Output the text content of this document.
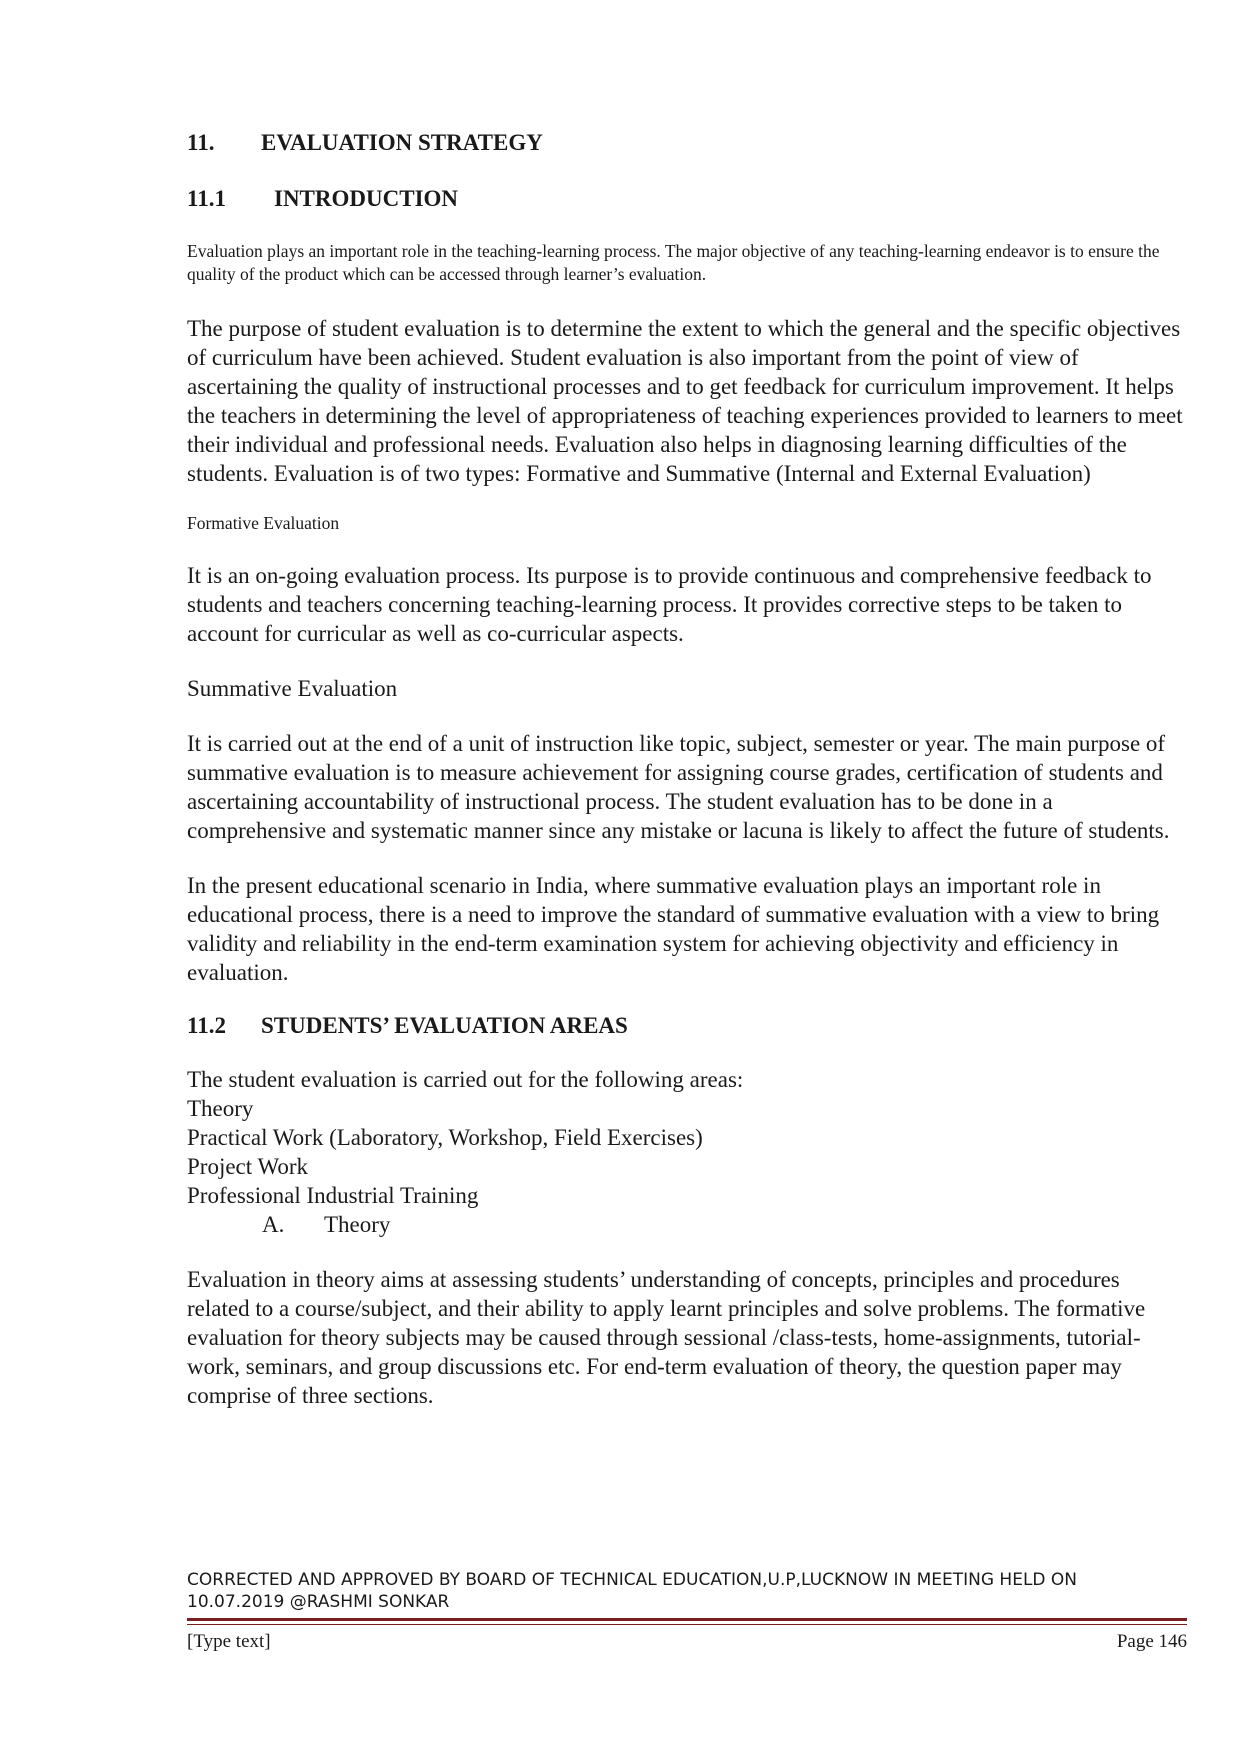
11. EVALUATION STRATEGY
11.1 INTRODUCTION

Evaluation plays an important role in the teaching-learning process. The major objective of any teaching-learning endeavor is to ensure the quality of the product which can be accessed through learner’s evaluation.

The purpose of student evaluation is to determine the extent to which the general and the specific objectives of curriculum have been achieved. Student evaluation is also important from the point of view of ascertaining the quality of instructional processes and to get feedback for curriculum improvement. It helps the teachers in determining the level of appropriateness of teaching experiences provided to learners to meet their individual and professional needs. Evaluation also helps in diagnosing learning difficulties of the students. Evaluation is of two types: Formative and Summative (Internal and External Evaluation)

Formative Evaluation

It is an on-going evaluation process. Its purpose is to provide continuous and comprehensive feedback to students and teachers concerning teaching-learning process. It provides corrective steps to be taken to account for curricular as well as co-curricular aspects.

Summative Evaluation

It is carried out at the end of a unit of instruction like topic, subject, semester or year. The main purpose of summative evaluation is to measure achievement for assigning course grades, certification of students and ascertaining accountability of instructional process. The student evaluation has to be done in a comprehensive and systematic manner since any mistake or lacuna is likely to affect the future of students.

In the present educational scenario in India, where summative evaluation plays an important role in educational process, there is a need to improve the standard of summative evaluation with a view to bring validity and reliability in the end-term examination system for achieving objectivity and efficiency in evaluation.

11.2 STUDENTS’ EVALUATION AREAS

The student evaluation is carried out for the following areas:

Theory
Practical Work (Laboratory, Workshop, Field Exercises)
Project Work
Professional Industrial Training
A. Theory

Evaluation in theory aims at assessing students’ understanding of concepts, principles and procedures related to a course/subject, and their ability to apply learnt principles and solve problems. The formative evaluation for theory subjects may be caused through sessional /class-tests, home-assignments, tutorial-work, seminars, and group discussions etc. For end-term evaluation of theory, the question paper may comprise of three sections.

CORRECTED AND APPROVED BY BOARD OF TECHNICAL EDUCATION,U.P,LUCKNOW IN MEETING HELD ON
10.07.2019 @RASHMI SONKAR
[Type text]	Page 146
